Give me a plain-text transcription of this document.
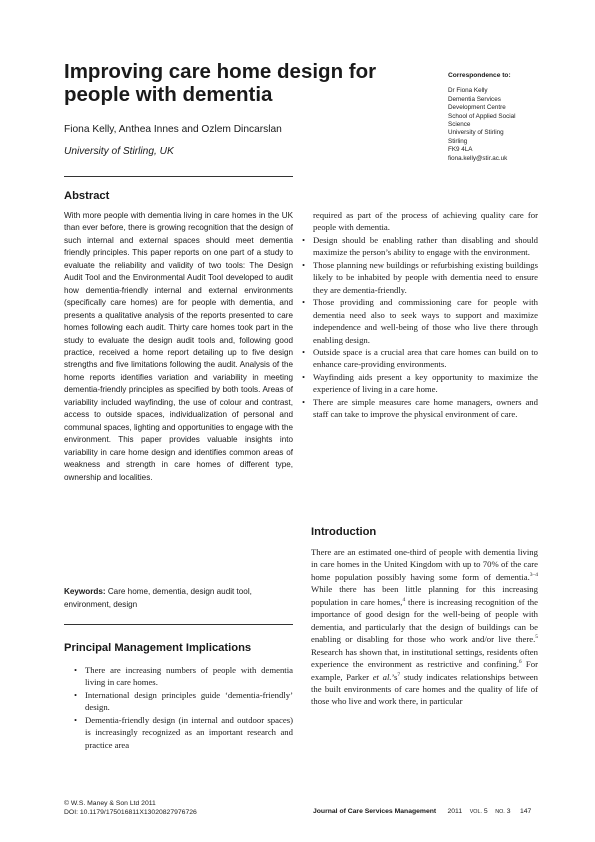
Improving care home design for people with dementia
Fiona Kelly, Anthea Innes and Ozlem Dincarslan
University of Stirling, UK
Correspondence to:
Dr Fiona Kelly
Dementia Services
Development Centre
School of Applied Social
Science
University of Stirling
Stirling
FK9 4LA
fiona.kelly@stir.ac.uk
Abstract

With more people with dementia living in care homes in the UK than ever before, there is growing recognition that the design of such internal and external spaces should meet dementia friendly principles. This paper reports on one part of a study to evaluate the reliability and validity of two tools: The Design Audit Tool and the Environmental Audit Tool developed to audit how dementia-friendly internal and external environments (specifically care homes) are for people with dementia, and presents a qualitative analysis of the reports presented to care homes following each audit. Thirty care homes took part in the study to evaluate the design audit tools and, following good practice, received a home report detailing up to five design strengths and five limitations following the audit. Analysis of the home reports identifies variation and variability in meeting dementia-friendly principles as specified by both tools. Areas of variability included wayfinding, the use of colour and contrast, access to outside spaces, individualization of personal and communal spaces, lighting and opportunities to engage with the environment. This paper provides valuable insights into variability in care home design and identifies common areas of weakness and strength in care homes of different type, ownership and localities.

Keywords: Care home, dementia, design audit tool, environment, design

Principal Management Implications
• There are increasing numbers of people with dementia living in care homes.
• International design principles guide ‘dementia-friendly’ design.
• Dementia-friendly design (in internal and outdoor spaces) is increasingly recognized as an important research and practice area
required as part of the process of achieving quality care for people with dementia.
• Design should be enabling rather than disabling and should maximize the person’s ability to engage with the environment.
• Those planning new buildings or refurbishing existing buildings likely to be inhabited by people with dementia need to ensure they are dementia-friendly.
• Those providing and commissioning care for people with dementia need also to seek ways to support and maximize independence and well-being of those who live there through enabling design.
• Outside space is a crucial area that care homes can build on to enhance care-providing environments.
• Wayfinding aids present a key opportunity to maximize the experience of living in a care home.
• There are simple measures care home managers, owners and staff can take to improve the physical environment of care.
Introduction

There are an estimated one-third of people with dementia living in care homes in the United Kingdom with up to 70% of the care home population possibly having some form of dementia.$^{3-4}$ While there has been little planning for this increasing population in care homes,$^4$ there is increasing recognition of the importance of good design for the well-being of people with dementia, and particularly that the design of buildings can be enabling or disabling for those who work and/or live there.$^5$ Research has shown that, in institutional settings, residents often experience the environment as restrictive and confining.$^6$ For example, Parker et $al.’s^7$ study indicates relationships between the built environments of care homes and the quality of life of those who live and work there, in particular

© W.S. Maney & Son Ltd 2011
DOI: 10.1179/175016811X13020827976726	Journal of Care Services Management 2011 VOL. 5 NO. 3 147
